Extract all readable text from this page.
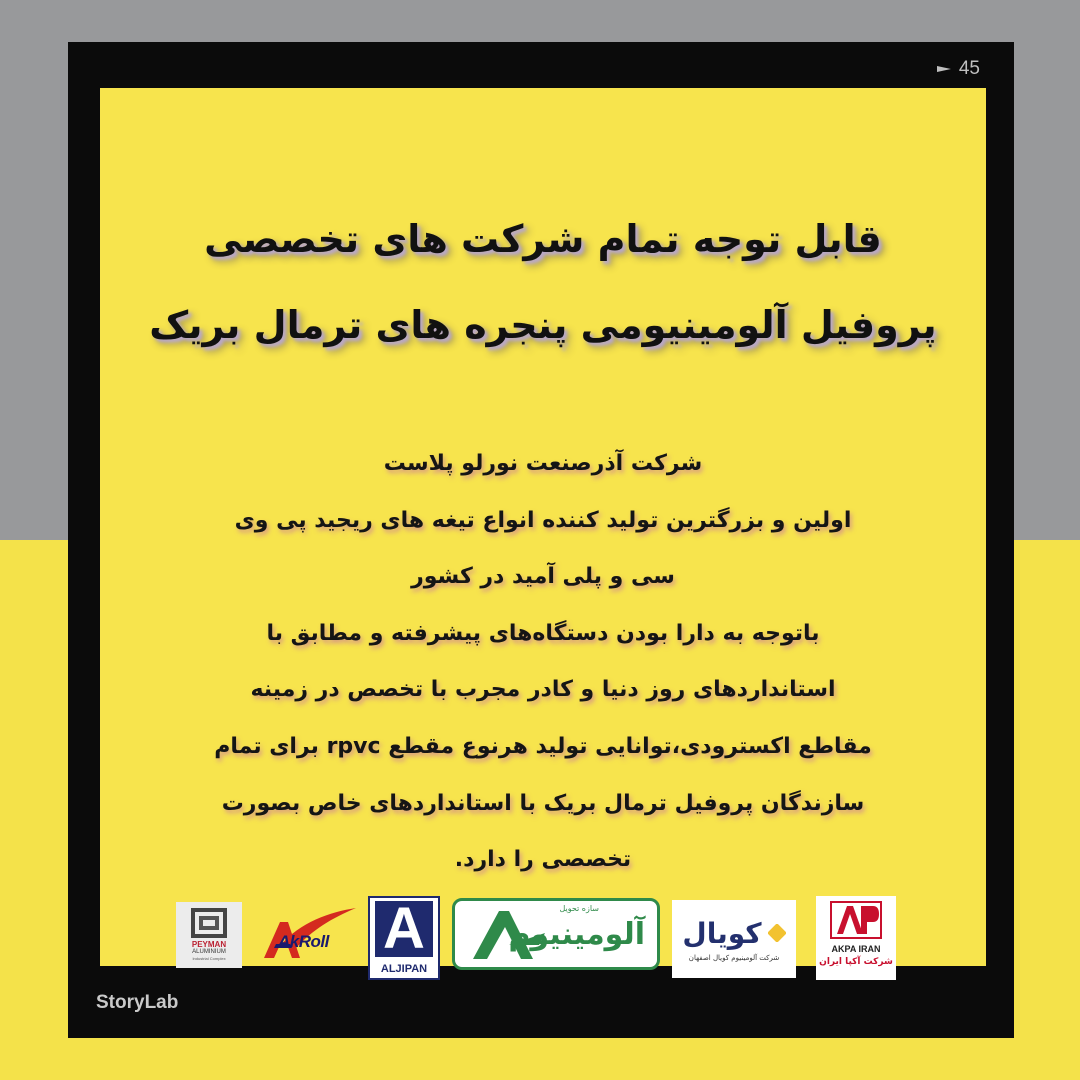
45
قابل توجه تمام شرکت های تخصصی
پروفیل آلومینیومی پنجره های ترمال بریک
شرکت آذرصنعت نورلو پلاست
اولین و بزرگترین تولید کننده انواع تیغه های ریجید پی وی
سی و پلی آمید در کشور
باتوجه به دارا بودن دستگاه‌های پیشرفته و مطابق با
استانداردهای روز دنیا و کادر مجرب با تخصص در زمینه
مقاطع اکسترودی،توانایی تولید هرنوع مقطع rpvc برای تمام
سازندگان پروفیل ترمال بریک با استانداردهای خاص بصورت
تخصصی را دارد.
PEYMAN
ALUMINIUM
Industrial Complex
AkRoll A
ALJIPAN
سازه تحویل
آلومینیوم کویال
شرکت آلومینیوم کویال اصفهان
AKPA IRAN
شرکت آکپا ایران
StoryLab
